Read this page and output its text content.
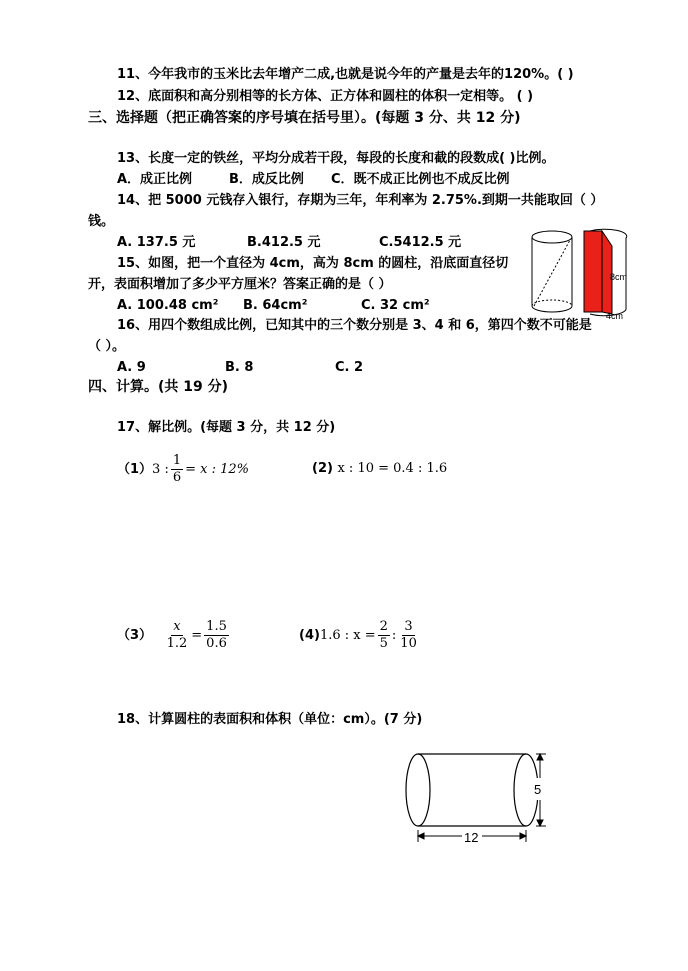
11、今年我市的玉米比去年增产二成,也就是说今年的产量是去年的120%。( )
12、底面积和高分别相等的长方体、正方体和圆柱的体积一定相等。 ( )
三、选择题（把正确答案的序号填在括号里）。(每题 3 分、共 12 分)
13、长度一定的铁丝，平均分成若干段，每段的长度和截的段数成( )比例。
A．成正比例	B．成反比例 C．既不成正比例也不成反比例
14、把 5000 元钱存入银行，存期为三年，年利率为 2.75%.到期一共能取回（ ）
钱。
A. 137.5 元	B.412.5 元	C.5412.5 元
15、如图，把一个直径为 4cm，高为 8cm 的圆柱，沿底面直径切
开，表面积增加了多少平方厘米？答案正确的是（ ）
A. 100.48 cm² B. 64cm²	C. 32 cm²
8cm
4cm
16、用四个数组成比例，已知其中的三个数分别是 3、4 和 6，第四个数不可能是
（ ）。
A. 9	B. 8	C. 2
四、计算。(共 19 分)
17、解比例。(每题 3 分，共 12 分)
（1）3 : $\frac{1}{6} = x$ : 12%	(2) x : 10 = 0.4 : 1.6
$(3) \frac{x}{1.2} = \frac{1.5}{0.6}$	(4)1.6 : $x = \frac{2}{5}$ : $\frac{3}{10}$
18、计算圆柱的表面积和体积（单位：cm）。(7 分)
5
12
